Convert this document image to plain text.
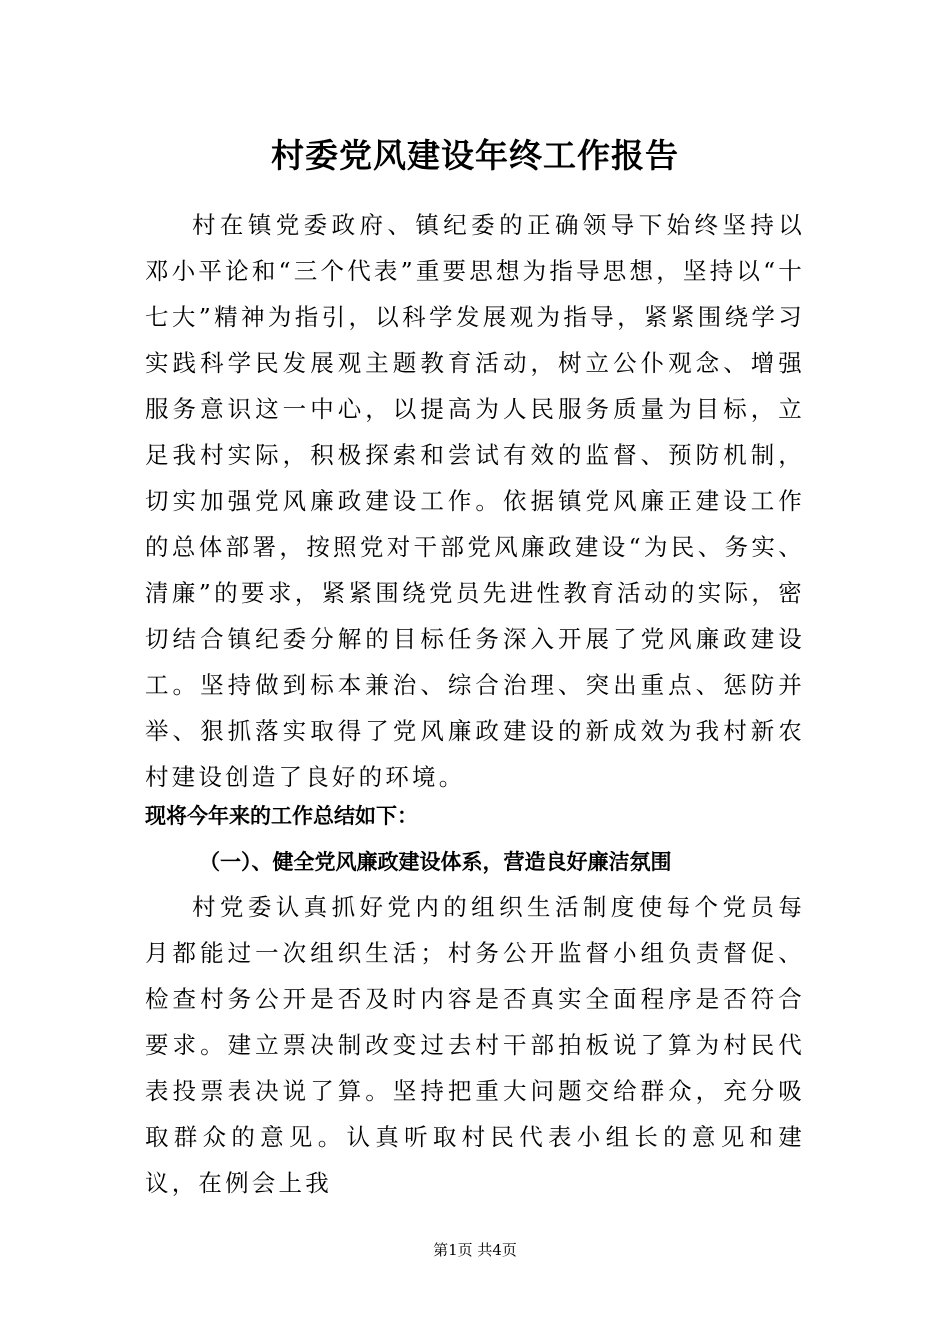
村委党风建设年终工作报告

村在镇党委政府、镇纪委的正确领导下始终坚持以邓小平论和“三个代表”重要思想为指导思想，坚持以“十七大”精神为指引，以科学发展观为指导，紧紧围绕学习实践科学民发展观主题教育活动，树立公仆观念、增强服务意识这一中心，以提高为人民服务质量为目标，立足我村实际，积极探索和尝试有效的监督、预防机制，切实加强党风廉政建设工作。依据镇党风廉正建设工作的总体部署，按照党对干部党风廉政建设“为民、务实、清廉”的要求，紧紧围绕党员先进性教育活动的实际，密切结合镇纪委分解的目标任务深入开展了党风廉政建设工。坚持做到标本兼治、综合治理、突出重点、惩防并举、狠抓落实取得了党风廉政建设的新成效为我村新农村建设创造了良好的环境。

现将今年来的工作总结如下：
（一）、健全党风廉政建设体系，营造良好廉洁氛围

村党委认真抓好党内的组织生活制度使每个党员每月都能过一次组织生活；村务公开监督小组负责督促、检查村务公开是否及时内容是否真实全面程序是否符合要求。建立票决制改变过去村干部拍板说了算为村民代表投票表决说了算。坚持把重大问题交给群众，充分吸取群众的意见。认真听取村民代表小组长的意见和建议，在例会上我

第1页 共4页
